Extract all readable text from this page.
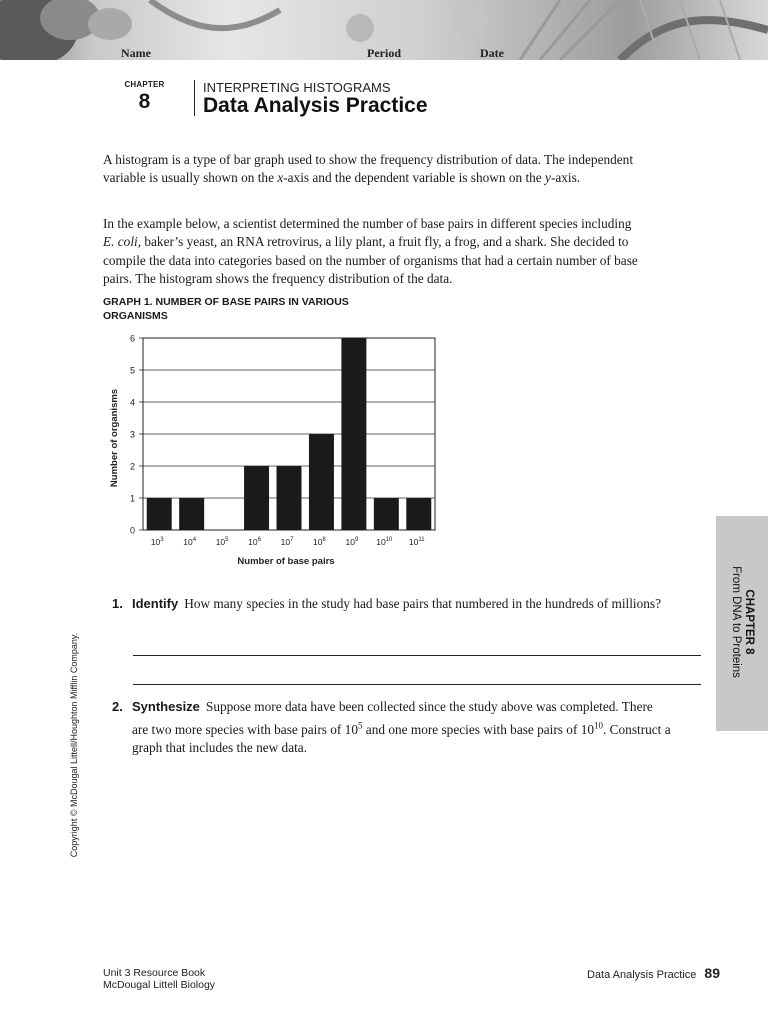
Name	Period	Date
CHAPTER
8
INTERPRETING HISTOGRAMS
Data Analysis Practice

A histogram is a type of bar graph used to show the frequency distribution of data. The independent variable is usually shown on the x-axis and the dependent variable is shown on the y-axis.

In the example below, a scientist determined the number of base pairs in different species including E. coli, baker’s yeast, an RNA retrovirus, a lily plant, a fruit fly, a frog, and a shark. She decided to compile the data into categories based on the number of organisms that had a certain number of base pairs. The histogram shows the frequency distribution of the data.

GRAPH 1. NUMBER OF BASE PAIRS IN VARIOUS ORGANISMS
0
1
2
3
4
5
6
$10^3$ $10^4$ $10^5$ $10^6$ $10^7$ $10^8$ $10^9$ $10^{10}$ $10^{11}$
Number of base pairs
Number of organisms
1. Identify How many species in the study had base pairs that numbered in the hundreds of millions?
2. Synthesize Suppose more data have been collected since the study above was completed. There are two more species with base pairs of $10^5$ and one more species with base pairs of $10^{10}$. Construct a graph that includes the new data.
CHAPTER 8
From DNA to Proteins
Copyright © McDougal Littell/Houghton Mifflin Company.
Unit 3 Resource Book
McDougal Littell Biology
Data Analysis Practice 89
